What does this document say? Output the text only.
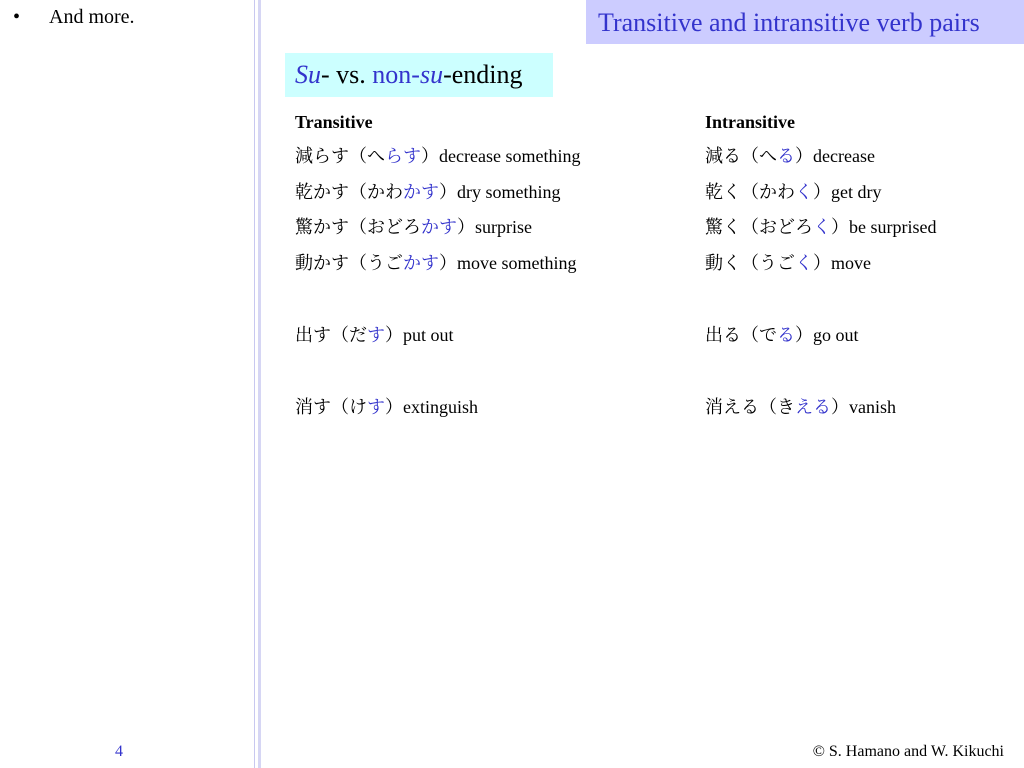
• And more.
4
Transitive and intransitive verb pairs
Su- vs. non-su-ending
Transitive	Intransitive
減らす（へらす）decrease something	減る（へる）decrease
乾かす（かわかす）dry something	乾く（かわく）get dry
驚かす（おどろかす）surprise	驚く（おどろく）be surprised
動かす（うごかす）move something	動く（うごく）move
出す（だす）put out	出る（でる）go out
消す（けす）extinguish	消える（きえる）vanish
© S. Hamano and W. Kikuchi
